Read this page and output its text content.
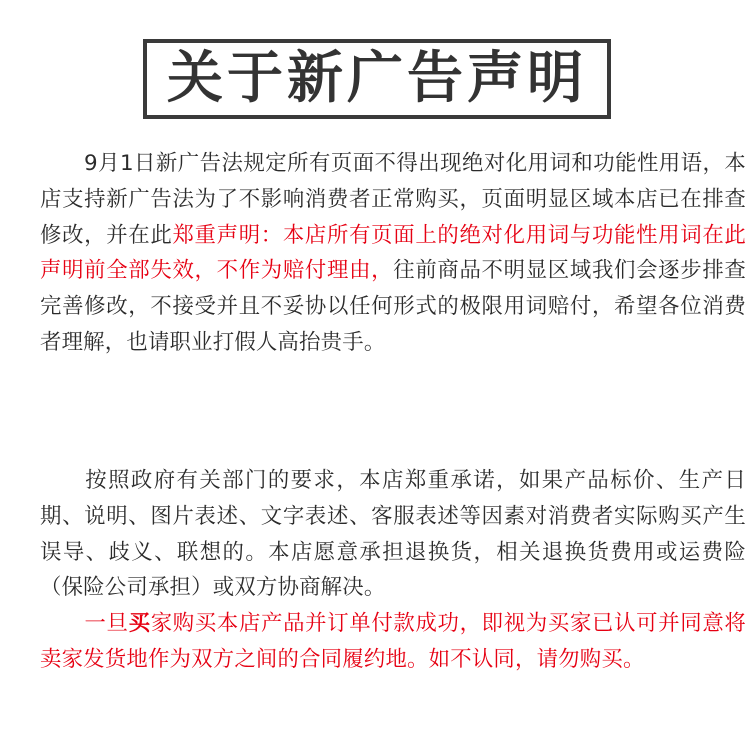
关于新广告声明
9月1日新广告法规定所有页面不得出现绝对化用词和功能性用语，本店支持新广告法为了不影响消费者正常购买，页面明显区域本店已在排查修改，并在此郑重声明：本店所有页面上的绝对化用词与功能性用词在此声明前全部失效，不作为赔付理由，往前商品不明显区域我们会逐步排查完善修改，不接受并且不妥协以任何形式的极限用词赔付，希望各位消费者理解，也请职业打假人高抬贵手。
按照政府有关部门的要求，本店郑重承诺，如果产品标价、生产日期、说明、图片表述、文字表述、客服表述等因素对消费者实际购买产生误导、歧义、联想的。本店愿意承担退换货，相关退换货费用或运费险（保险公司承担）或双方协商解决。
一旦买家购买本店产品并订单付款成功，即视为买家已认可并同意将卖家发货地作为双方之间的合同履约地。如不认同，请勿购买。
